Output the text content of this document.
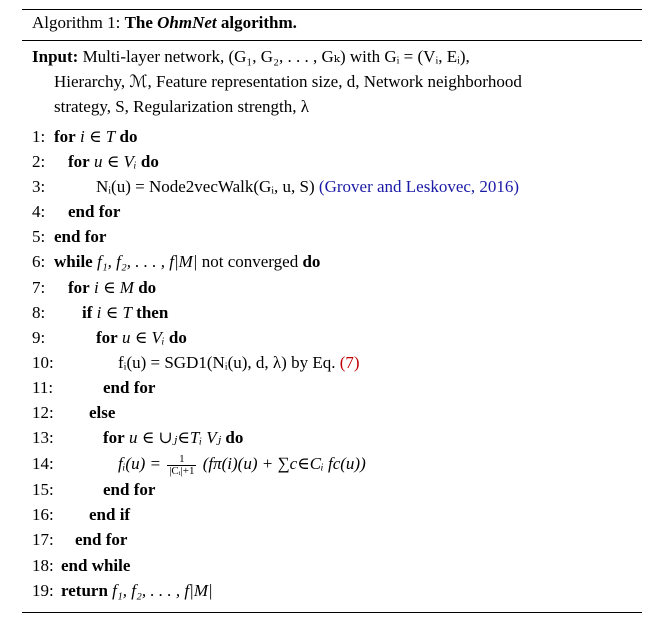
Algorithm 1: The OhmNet algorithm.
Input: Multi-layer network, (G₁, G₂, . . . , Gₖ) with Gᵢ = (Vᵢ, Eᵢ),
Hierarchy, ℳ, Feature representation size, d, Network neighborhood
strategy, S, Regularization strength, λ
1: for i ∈ T do
2:	for u ∈ Vᵢ do
3:	Nᵢ(u) = Node2vecWalk(Gᵢ, u, S) (Grover and Leskovec, 2016)
4:	end for
5: end for
6: while f₁, f₂, . . . , f|M| not converged do
7:	for i ∈ M do
8:	if i ∈ T then
9:	for u ∈ Vᵢ do
10:	fᵢ(u) = SGD1(Nᵢ(u), d, λ) by Eq. (7)
11:	end for
12:	else
13:	for u ∈ ∪ⱼ∈Tᵢ Vⱼ do
14:	fᵢ(u) = $\frac{1}{\text{|Cᵢ|+1}} (f\pi(i)(u)$ + ∑c∈Cᵢ fc(u))
15:	end for
16:	end if
17:	end for
18: end while
19: return f₁, f₂, . . . , f|M|
